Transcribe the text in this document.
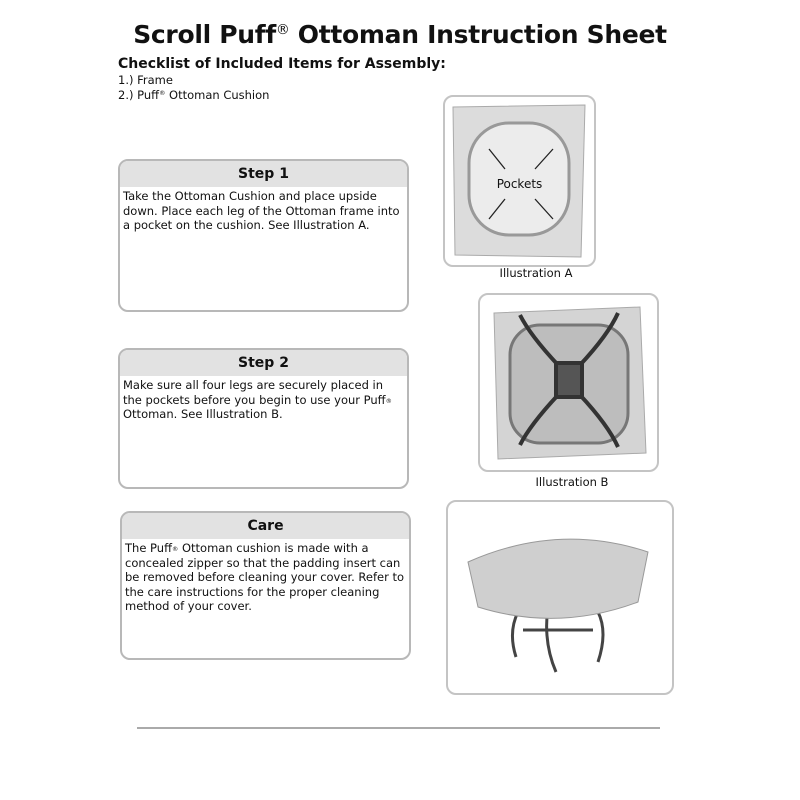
Scroll Puff® Ottoman Instruction Sheet
Checklist of Included Items for Assembly:
1.) Frame
2.) Puff® Ottoman Cushion
Step 1
Take the Ottoman Cushion and place upside down. Place each leg of the Ottoman frame into a pocket on the cushion. See Illustration A.
Step 2
Make sure all four legs are securely placed in the pockets before you begin to use your Puff® Ottoman. See Illustration B.
Care
The Puff® Ottoman cushion is made with a concealed zipper so that the padding insert can be removed before cleaning your cover. Refer to the care instructions for the proper cleaning method of your cover.
Pockets
Illustration A
Illustration B
